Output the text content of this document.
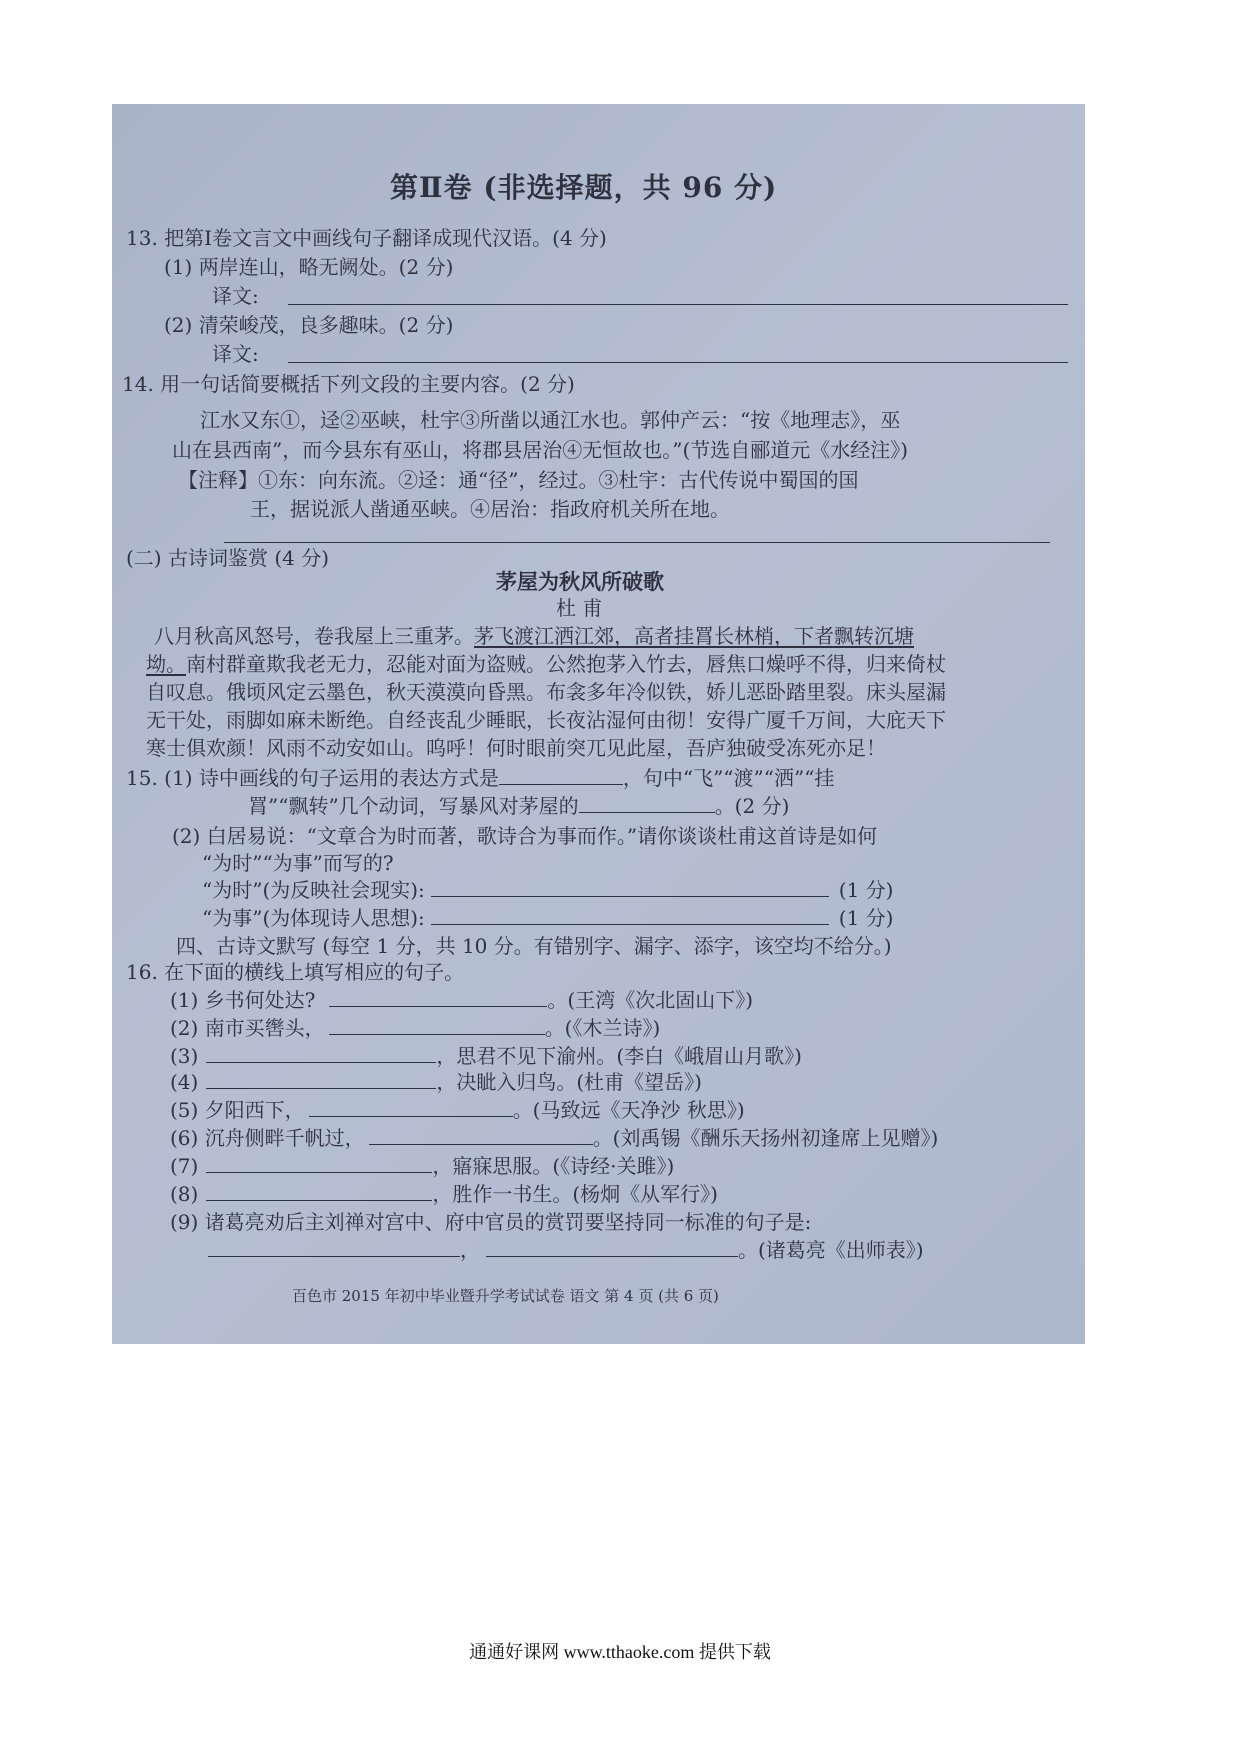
第Ⅱ卷 (非选择题，共 96 分)
13. 把第Ⅰ卷文言文中画线句子翻译成现代汉语。(4 分)
(1) 两岸连山，略无阙处。(2 分)
译文:
(2) 清荣峻茂，良多趣味。(2 分)
译文:
14. 用一句话简要概括下列文段的主要内容。(2 分)
江水又东①，迳②巫峡，杜宇③所凿以通江水也。郭仲产云：“按《地理志》，巫
山在县西南”，而今县东有巫山，将郡县居治④无恒故也。”(节选自郦道元《水经注》)
【注释】①东：向东流。②迳：通“径”，经过。③杜宇：古代传说中蜀国的国
王，据说派人凿通巫峡。④居治：指政府机关所在地。
(二) 古诗词鉴赏 (4 分)
茅屋为秋风所破歌
杜 甫
八月秋高风怒号，卷我屋上三重茅。茅飞渡江洒江郊，高者挂罥长林梢，下者飘转沉塘
坳。南村群童欺我老无力，忍能对面为盗贼。公然抱茅入竹去，唇焦口燥呼不得，归来倚杖
自叹息。俄顷风定云墨色，秋天漠漠向昏黑。布衾多年冷似铁，娇儿恶卧踏里裂。床头屋漏
无干处，雨脚如麻未断绝。自经丧乱少睡眠，长夜沾湿何由彻！安得广厦千万间，大庇天下
寒士俱欢颜！风雨不动安如山。呜呼！何时眼前突兀见此屋，吾庐独破受冻死亦足！
15. (1) 诗中画线的句子运用的表达方式是	，句中“飞”“渡”“洒”“挂
罥”“飘转”几个动词，写暴风对茅屋的	。(2 分)
(2) 白居易说：“文章合为时而著，歌诗合为事而作。”请你谈谈杜甫这首诗是如何
“为时”“为事”而写的?
“为时”(为反映社会现实):	(1 分)
“为事”(为体现诗人思想):	(1 分)
四、古诗文默写 (每空 1 分，共 10 分。有错别字、漏字、添字，该空均不给分。)
16. 在下面的横线上填写相应的句子。
(1) 乡书何处达?	。(王湾《次北固山下》)
(2) 南市买辔头，	。(《木兰诗》)
(3)	，思君不见下渝州。(李白《峨眉山月歌》)
(4)	，决眦入归鸟。(杜甫《望岳》)
(5) 夕阳西下，	。(马致远《天净沙 秋思》)
(6) 沉舟侧畔千帆过，	。(刘禹锡《酬乐天扬州初逢席上见赠》)
(7)	，寤寐思服。(《诗经·关雎》)
(8)	，胜作一书生。(杨炯《从军行》)
(9) 诸葛亮劝后主刘禅对宫中、府中官员的赏罚要坚持同一标准的句子是:
，	。(诸葛亮《出师表》)
百色市 2015 年初中毕业暨升学考试试卷 语文 第 4 页 (共 6 页)
通通好课网 www.tthaoke.com 提供下载
